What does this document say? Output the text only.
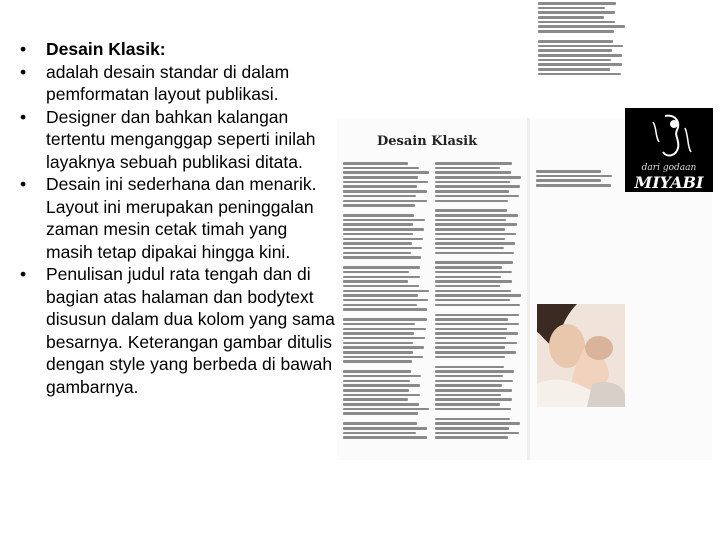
• Desain Klasik:
• adalah desain standar di dalam pemformatan layout publikasi.
• Designer dan bahkan kalangan tertentu menganggap seperti inilah layaknya sebuah publikasi ditata.
• Desain ini sederhana dan menarik. Layout ini merupakan peninggalan zaman mesin cetak timah yang masih tetap dipakai hingga kini.
• Penulisan judul rata tengah dan di bagian atas halaman dan bodytext disusun dalam dua kolom yang sama besarnya. Keterangan gambar ditulis dengan style yang berbeda di bawah gambarnya.
Desain Klasik
dari godaan
MIYABI
